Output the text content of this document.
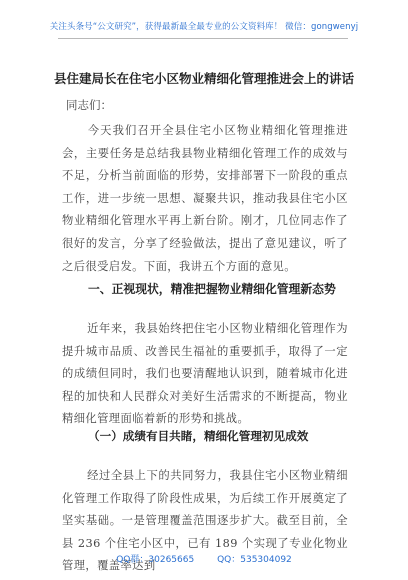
关注头条号“公文研究”，获得最新最全最专业的公文资料库！ 微信：gongwenyj
县住建局长在住宅小区物业精细化管理推进会上的讲话
同志们：

今天我们召开全县住宅小区物业精细化管理推进会，主要任务是总结我县物业精细化管理工作的成效与不足，分析当前面临的形势，安排部署下一阶段的重点工作，进一步统一思想、凝聚共识，推动我县住宅小区物业精细化管理水平再上新台阶。刚才，几位同志作了很好的发言，分享了经验做法，提出了意见建议，听了之后很受启发。下面，我讲五个方面的意见。

一、正视现状，精准把握物业精细化管理新态势

近年来，我县始终把住宅小区物业精细化管理作为提升城市品质、改善民生福祉的重要抓手，取得了一定的成绩但同时，我们也要清醒地认识到，随着城市化进程的加快和人民群众对美好生活需求的不断提高，物业精细化管理面临着新的形势和挑战。

（一）成绩有目共睹，精细化管理初见成效

经过全县上下的共同努力，我县住宅小区物业精细化管理工作取得了阶段性成果，为后续工作开展奠定了坚实基础。一是管理覆盖范围逐步扩大。截至目前，全县 236 个住宅小区中，已有 189 个实现了专业化物业管理，覆盖率达到

QQ群：30265665	QQ：535304092
